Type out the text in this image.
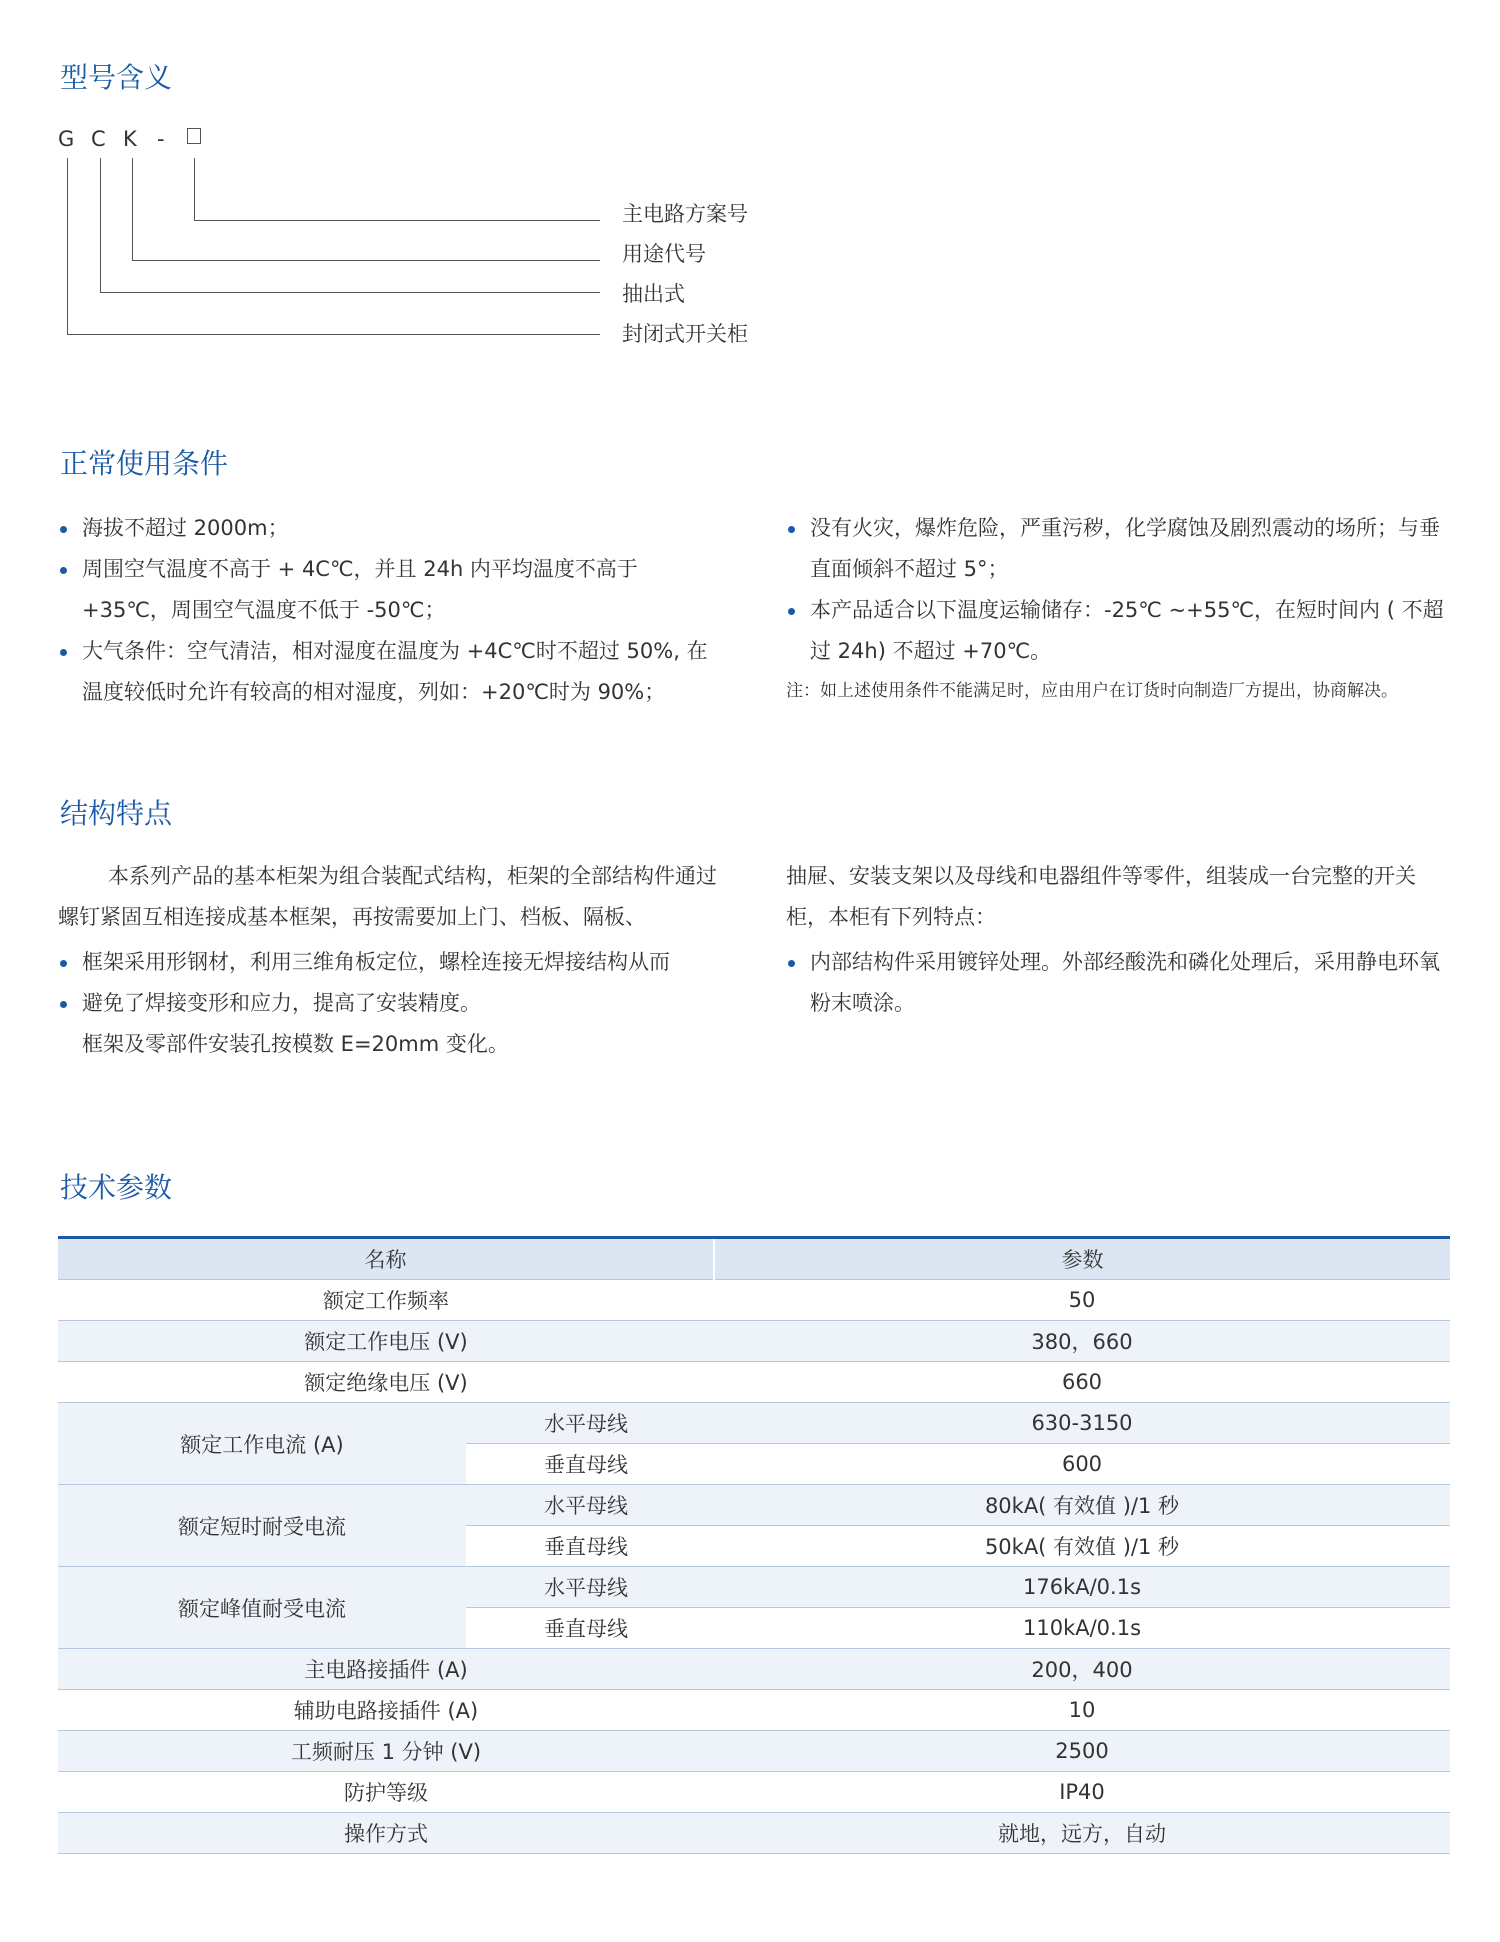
型号含义
G C K -
主电路方案号
用途代号
抽出式
封闭式开关柜
正常使用条件
海拔不超过 2000m；
周围空气温度不高于 + 4C℃，并且 24h 内平均温度不高于 +35℃，周围空气温度不低于 -50℃；
大气条件：空气清洁，相对湿度在温度为 +4C℃时不超过 50%, 在温度较低时允许有较高的相对湿度，列如：+20℃时为 90%；
没有火灾，爆炸危险，严重污秽，化学腐蚀及剧烈震动的场所；与垂直面倾斜不超过 5°；
本产品适合以下温度运输储存：-25℃ ~+55℃，在短时间内 ( 不超过 24h) 不超过 +70℃。

注：如上述使用条件不能满足时，应由用户在订货时向制造厂方提出，协商解决。

结构特点

本系列产品的基本柜架为组合装配式结构，柜架的全部结构件通过螺钉紧固互相连接成基本框架，再按需要加上门、档板、隔板、

框架采用形钢材，利用三维角板定位，螺栓连接无焊接结构从而
避免了焊接变形和应力，提高了安装精度。
框架及零部件安装孔按模数 E=20mm 变化。

抽屉、安装支架以及母线和电器组件等零件，组装成一台完整的开关柜，本柜有下列特点：

内部结构件采用镀锌处理。外部经酸洗和磷化处理后，采用静电环氧粉末喷涂。
技术参数
名称		参数
额定工作频率		50
额定工作电压 (V)		380，660
额定绝缘电压 (V)		660
额定工作电流 (A)	水平母线	630-3150
	垂直母线	600
额定短时耐受电流	水平母线	80kA( 有效值 )/1 秒
	垂直母线	50kA( 有效值 )/1 秒
额定峰值耐受电流	水平母线	176kA/0.1s
	垂直母线	110kA/0.1s
主电路接插件 (A)		200，400
辅助电路接插件 (A)		10
工频耐压 1 分钟 (V)		2500
防护等级		IP40
操作方式		就地，远方，自动
